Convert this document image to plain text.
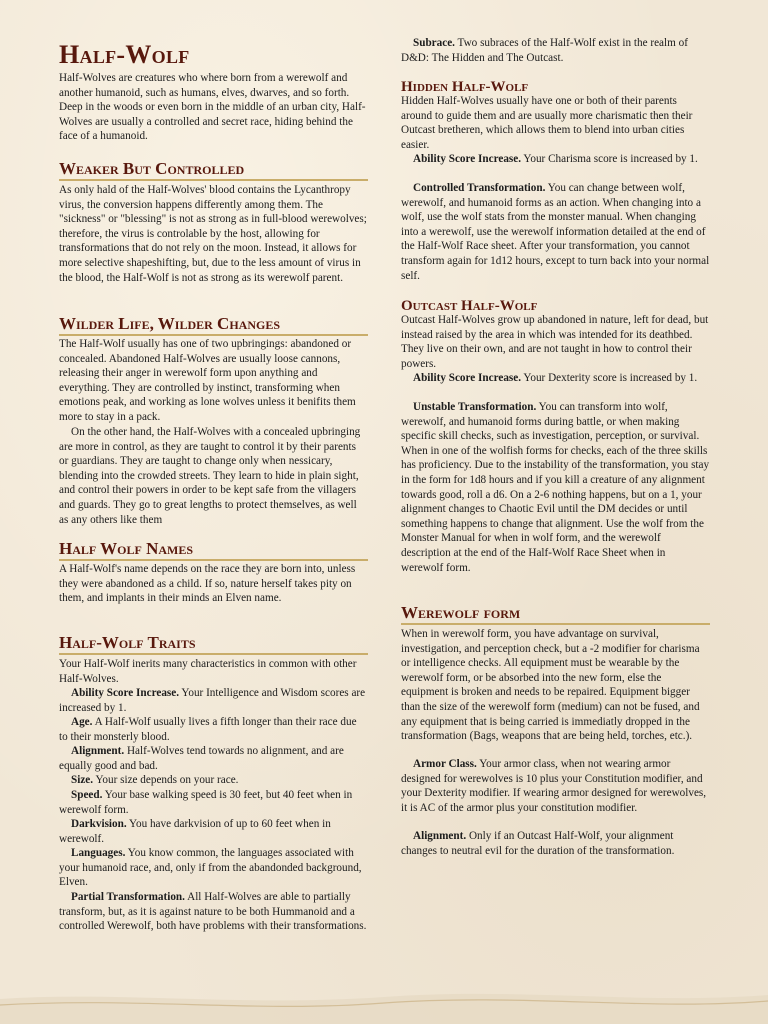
Half-Wolf

Half-Wolves are creatures who where born from a werewolf and another humanoid, such as humans, elves, dwarves, and so forth. Deep in the woods or even born in the middle of an urban city, Half-Wolves are usually a controlled and secret race, hiding behind the face of a humanoid.

Weaker But Controlled

As only hald of the Half-Wolves' blood contains the Lycanthropy virus, the conversion happens differently among them. The "sickness" or "blessing" is not as strong as in full-blood werewolves; therefore, the virus is controlable by the host, allowing for transformations that do not rely on the moon. Instead, it allows for more selective shapeshifting, but, due to the less amount of virus in the blood, the Half-Wolf is not as strong as its werewolf parent.

Wilder Life, Wilder Changes

The Half-Wolf usually has one of two upbringings: abandoned or concealed. Abandoned Half-Wolves are usually loose cannons, releasing their anger in werewolf form upon anything and everything. They are controlled by instinct, transforming when emotions peak, and working as lone wolves unless it benifits them more to stay in a pack.

On the other hand, the Half-Wolves with a concealed upbringing are more in control, as they are taught to control it by their parents or guardians. They are taught to change only when nessicary, blending into the crowded streets. They learn to hide in plain sight, and control their powers in order to be kept safe from the villagers and guards. They go to great lengths to protect themselves, as well as any others like them

Half Wolf Names

A Half-Wolf's name depends on the race they are born into, unless they were abandoned as a child. If so, nature herself takes pity on them, and implants in their minds an Elven name.

Half-Wolf Traits

Your Half-Wolf inerits many characteristics in common with other Half-Wolves.

Ability Score Increase. Your Intelligence and Wisdom scores are increased by 1.

Age. A Half-Wolf usually lives a fifth longer than their race due to their monsterly blood.

Alignment. Half-Wolves tend towards no alignment, and are equally good and bad.

Size. Your size depends on your race.

Speed. Your base walking speed is 30 feet, but 40 feet when in werewolf form.

Darkvision. You have darkvision of up to 60 feet when in werewolf.

Languages. You know common, the languages associated with your humanoid race, and, only if from the abandonded background, Elven.

Partial Transformation. All Half-Wolves are able to partially transform, but, as it is against nature to be both Hummanoid and a controlled Werewolf, both have problems with their transformations.

Subrace. Two subraces of the Half-Wolf exist in the realm of D&D: The Hidden and The Outcast.

Hidden Half-Wolf

Hidden Half-Wolves usually have one or both of their parents around to guide them and are usually more charismatic then their Outcast bretheren, which allows them to blend into urban cities easier.

Ability Score Increase. Your Charisma score is increased by 1.

Controlled Transformation. You can change between wolf, werewolf, and humanoid forms as an action. When changing into a wolf, use the wolf stats from the monster manual. When changing into a werewolf, use the werewolf information detailed at the end of the Half-Wolf Race sheet. After your transformation, you cannot transform again for 1d12 hours, except to turn back into your normal self.

Outcast Half-Wolf

Outcast Half-Wolves grow up abandoned in nature, left for dead, but instead raised by the area in which was intended for its deathbed. They live on their own, and are not taught in how to control their powers.

Ability Score Increase. Your Dexterity score is increased by 1.

Unstable Transformation. You can transform into wolf, werewolf, and humanoid forms during battle, or when making specific skill checks, such as investigation, perception, or survival. When in one of the wolfish forms for checks, each of the three skills has proficiency. Due to the instability of the transformation, you stay in the form for 1d8 hours and if you kill a creature of any alignment towards good, roll a d6. On a 2-6 nothing happens, but on a 1, your alignment changes to Chaotic Evil until the DM decides or until something happens to change that alignment. Use the wolf from the Monster Manual for when in wolf form, and the werewolf description at the end of the Half-Wolf Race Sheet when in werewolf form.

Werewolf form

When in werewolf form, you have advantage on survival, investigation, and perception check, but a -2 modifier for charisma or intelligence checks. All equipment must be wearable by the werewolf form, or be absorbed into the new form, else the equipment is broken and needs to be repaired. Equipment bigger than the size of the werewolf form (medium) can not be fused, and any equipment that is being carried is immediatly dropped in the transformation (Bags, weapons that are being held, torches, etc.).

Armor Class. Your armor class, when not wearing armor designed for werewolves is 10 plus your Constitution modifier, and your Dexterity modifier. If wearing armor designed for werewolves, it is AC of the armor plus your constitution modifier.

Alignment. Only if an Outcast Half-Wolf, your alignment changes to neutral evil for the duration of the transformation.
